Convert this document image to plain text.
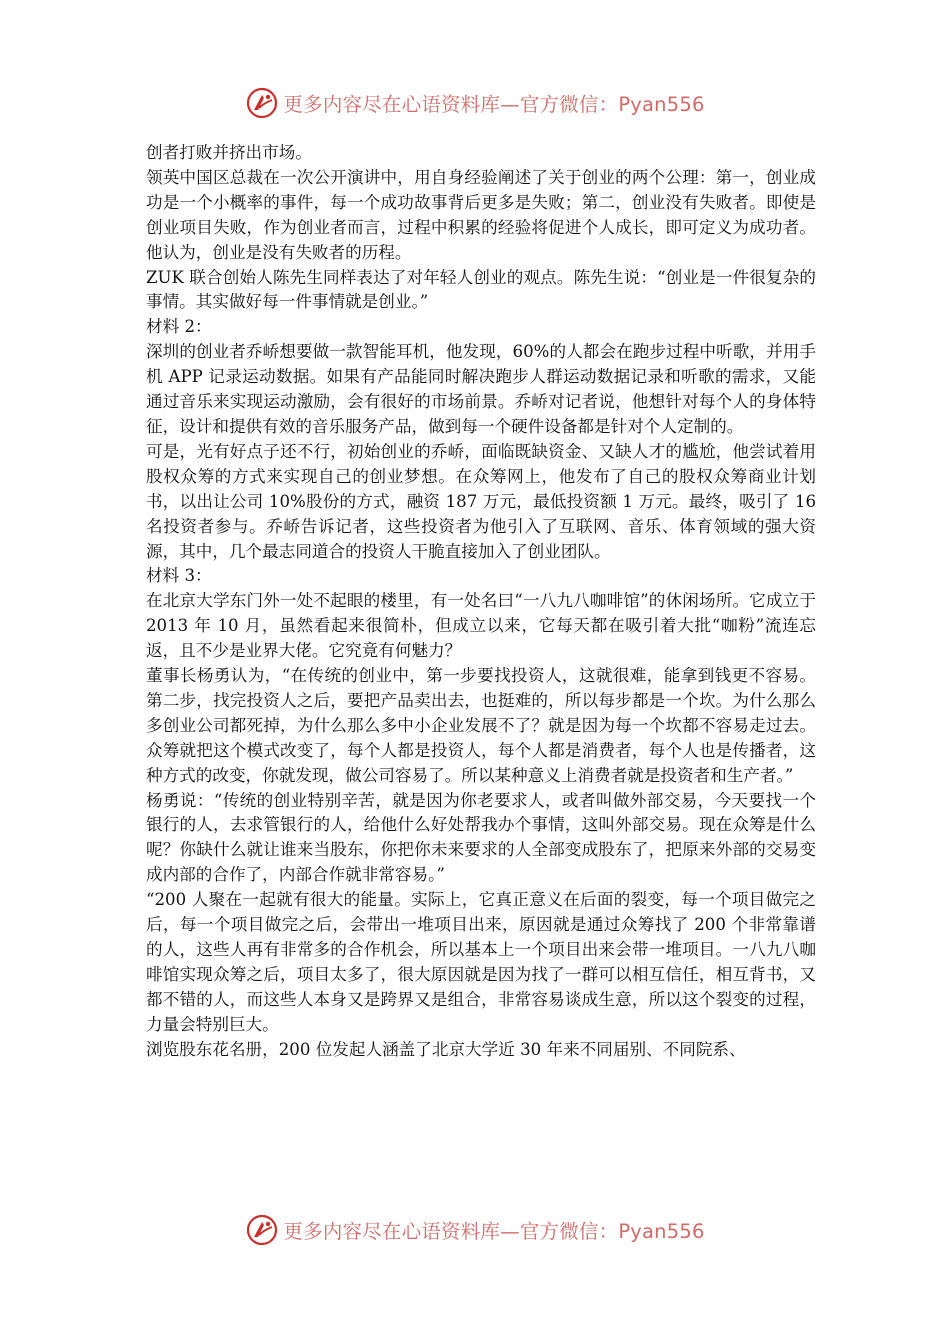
更多内容尽在心语资料库—官方微信：Pyan556

创者打败并挤出市场。

领英中国区总裁在一次公开演讲中，用自身经验阐述了关于创业的两个公理：第一，创业成功是一个小概率的事件，每一个成功故事背后更多是失败；第二，创业没有失败者。即使是创业项目失败，作为创业者而言，过程中积累的经验将促进个人成长，即可定义为成功者。他认为，创业是没有失败者的历程。

ZUK 联合创始人陈先生同样表达了对年轻人创业的观点。陈先生说：“创业是一件很复杂的事情。其实做好每一件事情就是创业。”

材料 2：

深圳的创业者乔峤想要做一款智能耳机，他发现，60%的人都会在跑步过程中听歌，并用手机 APP 记录运动数据。如果有产品能同时解决跑步人群运动数据记录和听歌的需求，又能通过音乐来实现运动激励，会有很好的市场前景。乔峤对记者说，他想针对每个人的身体特征，设计和提供有效的音乐服务产品，做到每一个硬件设备都是针对个人定制的。

可是，光有好点子还不行，初始创业的乔峤，面临既缺资金、又缺人才的尴尬，他尝试着用股权众筹的方式来实现自己的创业梦想。在众筹网上，他发布了自己的股权众筹商业计划书，以出让公司 10%股份的方式，融资 187 万元，最低投资额 1 万元。最终，吸引了 16 名投资者参与。乔峤告诉记者，这些投资者为他引入了互联网、音乐、体育领域的强大资源，其中，几个最志同道合的投资人干脆直接加入了创业团队。

材料 3：

在北京大学东门外一处不起眼的楼里，有一处名曰“一八九八咖啡馆”的休闲场所。它成立于 2013 年 10 月，虽然看起来很简朴，但成立以来，它每天都在吸引着大批“咖粉”流连忘返，且不少是业界大佬。它究竟有何魅力？

董事长杨勇认为，“在传统的创业中，第一步要找投资人，这就很难，能拿到钱更不容易。第二步，找完投资人之后，要把产品卖出去，也挺难的，所以每步都是一个坎。为什么那么多创业公司都死掉，为什么那么多中小企业发展不了？就是因为每一个坎都不容易走过去。众筹就把这个模式改变了，每个人都是投资人，每个人都是消费者，每个人也是传播者，这种方式的改变，你就发现，做公司容易了。所以某种意义上消费者就是投资者和生产者。”

杨勇说：“传统的创业特别辛苦，就是因为你老要求人，或者叫做外部交易，今天要找一个银行的人，去求管银行的人，给他什么好处帮我办个事情，这叫外部交易。现在众筹是什么呢？你缺什么就让谁来当股东，你把你未来要求的人全部变成股东了，把原来外部的交易变成内部的合作了，内部合作就非常容易。”

“200 人聚在一起就有很大的能量。实际上，它真正意义在后面的裂变，每一个项目做完之后，每一个项目做完之后，会带出一堆项目出来，原因就是通过众筹找了 200 个非常靠谱的人，这些人再有非常多的合作机会，所以基本上一个项目出来会带一堆项目。一八九八咖啡馆实现众筹之后，项目太多了，很大原因就是因为找了一群可以相互信任，相互背书，又都不错的人，而这些人本身又是跨界又是组合，非常容易谈成生意，所以这个裂变的过程，力量会特别巨大。

浏览股东花名册，200 位发起人涵盖了北京大学近 30 年来不同届别、不同院系、

更多内容尽在心语资料库—官方微信：Pyan556
